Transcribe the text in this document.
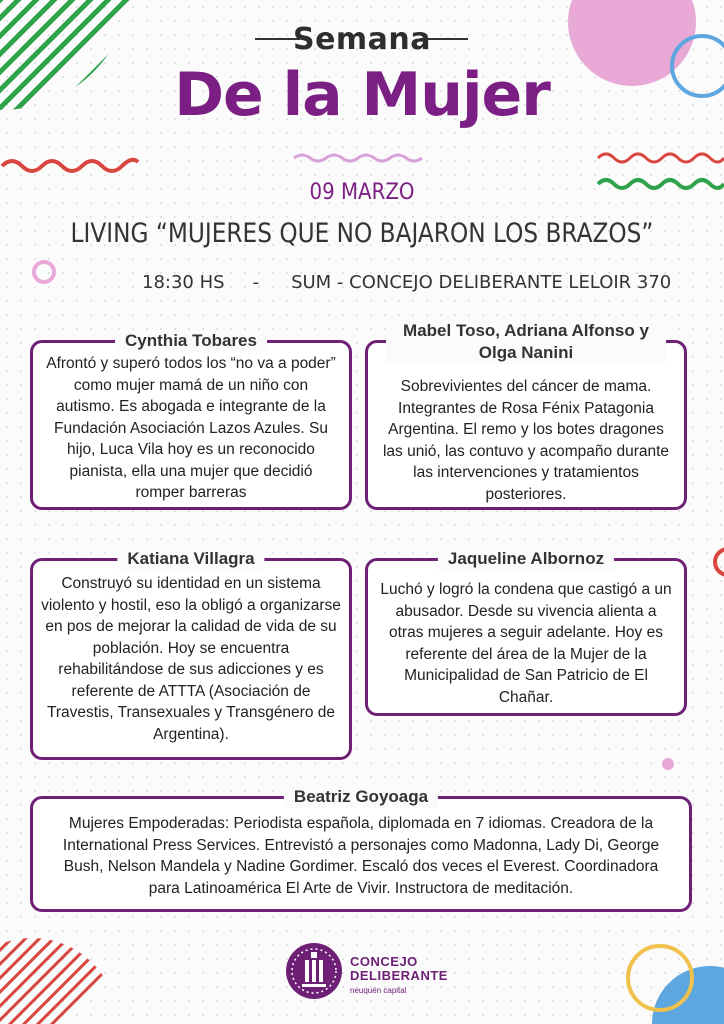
Semana
De la Mujer
09 MARZO
LIVING “MUJERES QUE NO BAJARON LOS BRAZOS”
18:30 HS - SUM - CONCEJO DELIBERANTE LELOIR 370
Cynthia Tobares
Afrontó y superó todos los “no va a poder” como mujer mamá de un niño con autismo. Es abogada e integrante de la Fundación Asociación Lazos Azules. Su hijo, Luca Vila hoy es un reconocido pianista, ella una mujer que decidió romper barreras
Mabel Toso, Adriana Alfonso y Olga Nanini
Sobrevivientes del cáncer de mama. Integrantes de Rosa Fénix Patagonia Argentina. El remo y los botes dragones las unió, las contuvo y acompaño durante las intervenciones y tratamientos posteriores.
Katiana Villagra
Construyó su identidad en un sistema violento y hostil, eso la obligó a organizarse en pos de mejorar la calidad de vida de su población. Hoy se encuentra rehabilitándose de sus adicciones y es referente de ATTTA (Asociación de Travestis, Transexuales y Transgénero de Argentina).
Jaqueline Albornoz
Luchó y logró la condena que castigó a un abusador. Desde su vivencia alienta a otras mujeres a seguir adelante. Hoy es referente del área de la Mujer de la Municipalidad de San Patricio de El Chañar.
Beatriz Goyoaga
Mujeres Empoderadas: Periodista española, diplomada en 7 idiomas. Creadora de la International Press Services. Entrevistó a personajes como Madonna, Lady Di, George Bush, Nelson Mandela y Nadine Gordimer. Escaló dos veces el Everest. Coordinadora para Latinoamérica El Arte de Vivir. Instructora de meditación.
CONCEJO
DELIBERANTE
neuquén capital
